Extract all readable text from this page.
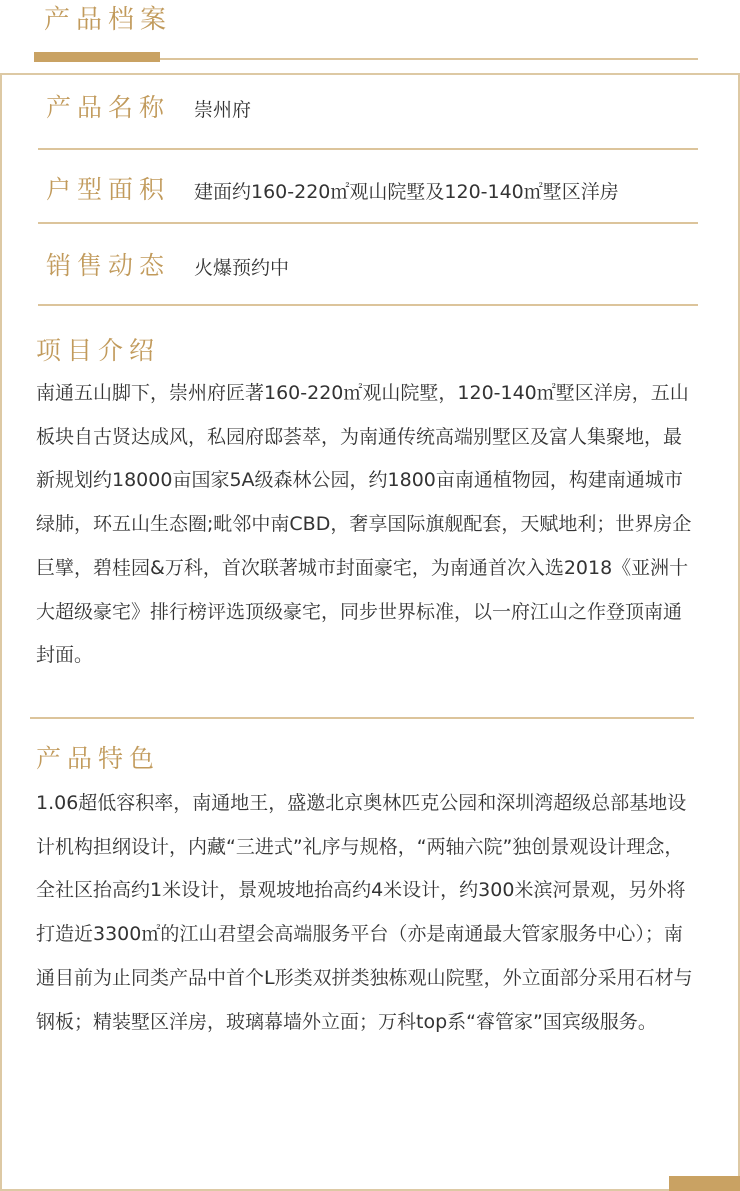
产品档案
产品名称 崇州府
户型面积 建面约160-220㎡观山院墅及120-140㎡墅区洋房
销售动态 火爆预约中
项目介绍

南通五山脚下，崇州府匠著160-220㎡观山院墅，120-140㎡墅区洋房，五山板块自古贤达成风，私园府邸荟萃，为南通传统高端别墅区及富人集聚地，最新规划约18000亩国家5A级森林公园，约1800亩南通植物园，构建南通城市绿肺，环五山生态圈;毗邻中南CBD，奢享国际旗舰配套，天赋地利；世界房企巨擘，碧桂园&万科，首次联著城市封面豪宅，为南通首次入选2018《亚洲十大超级豪宅》排行榜评选顶级豪宅，同步世界标准，以一府江山之作登顶南通封面。

产品特色

1.06超低容积率，南通地王，盛邀北京奥林匹克公园和深圳湾超级总部基地设计机构担纲设计，内藏“三进式”礼序与规格，“两轴六院”独创景观设计理念，全社区抬高约1米设计，景观坡地抬高约4米设计，约300米滨河景观，另外将打造近3300㎡的江山君望会高端服务平台（亦是南通最大管家服务中心）；南通目前为止同类产品中首个L形类双拼类独栋观山院墅，外立面部分采用石材与钢板；精装墅区洋房，玻璃幕墙外立面；万科top系“睿管家”国宾级服务。
